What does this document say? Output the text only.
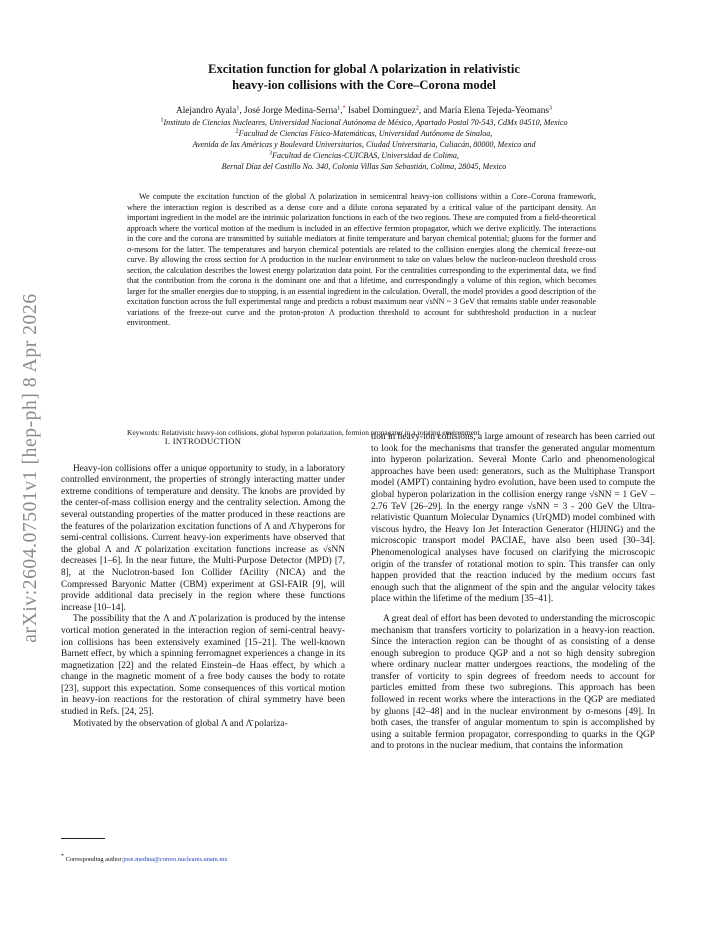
arXiv:2604.07501v1 [hep-ph] 8 Apr 2026
Excitation function for global Λ polarization in relativistic
heavy-ion collisions with the Core–Corona model
Alejandro Ayala$^1$, José Jorge Medina-Serna$^1$,* Isabel Domínguez$^2$, and María Elena Tejeda-Yeomans$^3$
$^1$Instituto de Ciencias Nucleares, Universidad Nacional Autónoma de México, Apartado Postal 70-543, CdMx 04510, Mexico
$^2$Facultad de Ciencias Físico-Matemáticas, Universidad Autónoma de Sinaloa,
Avenida de las Américas y Boulevard Universitarios, Ciudad Universitaria, Culiacán, 80000, Mexico and
$^3$Facultad de Ciencias-CUICBAS, Universidad de Colima,
Bernal Díaz del Castillo No. 340, Colonia Villas San Sebastián, Colima, 28045, Mexico
We compute the excitation function of the global Λ polarization in semicentral heavy-ion collisions within a Core–Corona framework, where the interaction region is described as a dense core and a dilute corona separated by a critical value of the participant density. An important ingredient in the model are the intrinsic polarization functions in each of the two regions. These are computed from a field-theoretical approach where the vortical motion of the medium is included in an effective fermion propagator, which we derive explicitly. The interactions in the core and the corona are transmitted by suitable mediators at finite temperature and baryon chemical potential; gluons for the former and σ-mesons for the latter. The temperatures and baryon chemical potentials are related to the collision energies along the chemical freeze-out curve. By allowing the cross section for Λ production in the nuclear environment to take on values below the nucleon-nucleon threshold cross section, the calculation describes the lowest energy polarization data point. For the centralities corresponding to the experimental data, we find that the contribution from the corona is the dominant one and that a lifetime, and correspondingly a volume of this region, which becomes larger for the smaller energies due to stopping, is an essential ingredient in the calculation. Overall, the model provides a good description of the excitation function across the full experimental range and predicts a robust maximum near √sNN ~ 3 GeV that remains stable under reasonable variations of the freeze-out curve and the proton-proton Λ production threshold to account for subthreshold production in a nuclear environment.
Keywords: Relativistic heavy-ion collisions, global hyperon polarization, fermion propagator in a rotating environment
I. INTRODUCTION

Heavy-ion collisions offer a unique opportunity to study, in a laboratory controlled environment, the properties of strongly interacting matter under extreme conditions of temperature and density. The knobs are provided by the center-of-mass collision energy and the centrality selection. Among the several outstanding properties of the matter produced in these reactions are the features of the polarization excitation functions of Λ and Λ̄ hyperons for semi-central collisions. Current heavy-ion experiments have observed that the global Λ and Λ̄ polarization excitation functions increase as √sNN decreases [1–6]. In the near future, the Multi-Purpose Detector (MPD) [7, 8], at the Nuclotron-based Ion Collider fAcility (NICA) and the Compressed Baryonic Matter (CBM) experiment at GSI-FAIR [9], will provide additional data precisely in the region where these functions increase [10–14].

The possibility that the Λ and Λ̄ polarization is produced by the intense vortical motion generated in the interaction region of semi-central heavy-ion collisions has been extensively examined [15–21]. The well-known Barnett effect, by which a spinning ferromagnet experiences a change in its magnetization [22] and the related Einstein–de Haas effect, by which a change in the magnetic moment of a free body causes the body to rotate [23], support this expectation. Some consequences of this vortical motion in heavy-ion reactions for the restoration of chiral symmetry have been studied in Refs. [24, 25].

Motivated by the observation of global Λ and Λ̄ polariza-

tion in heavy-ion collisions, a large amount of research has been carried out to look for the mechanisms that transfer the generated angular momentum into hyperon polarization. Several Monte Carlo and phenomenological approaches have been used: generators, such as the Multiphase Transport model (AMPT) containing hydro evolution, have been used to compute the global hyperon polarization in the collision energy range √sNN = 1 GeV – 2.76 TeV [26–29]. In the energy range √sNN = 3 - 200 GeV the Ultra-relativistic Quantum Molecular Dynamics (UrQMD) model combined with viscous hydro, the Heavy Ion Jet Interaction Generator (HIJING) and the microscopic transport model PACIAE, have also been used [30–34]. Phenomenological analyses have focused on clarifying the microscopic origin of the transfer of rotational motion to spin. This transfer can only happen provided that the reaction induced by the medium occurs fast enough such that the alignment of the spin and the angular velocity takes place within the lifetime of the medium [35–41].

A great deal of effort has been devoted to understanding the microscopic mechanism that transfers vorticity to polarization in a heavy-ion reaction. Since the interaction region can be thought of as consisting of a dense enough subregion to produce QGP and a not so high density subregion where ordinary nuclear matter undergoes reactions, the modeling of the transfer of vorticity to spin degrees of freedom needs to account for particles emitted from these two subregions. This approach has been followed in recent works where the interactions in the QGP are mediated by gluons [42–48] and in the nuclear environment by σ-mesons [49]. In both cases, the transfer of angular momentum to spin is accomplished by using a suitable fermion propagator, corresponding to quarks in the QGP and to protons in the nuclear medium, that contains the information

* Corresponding author:jose.medina@correo.nucleares.unam.mx
